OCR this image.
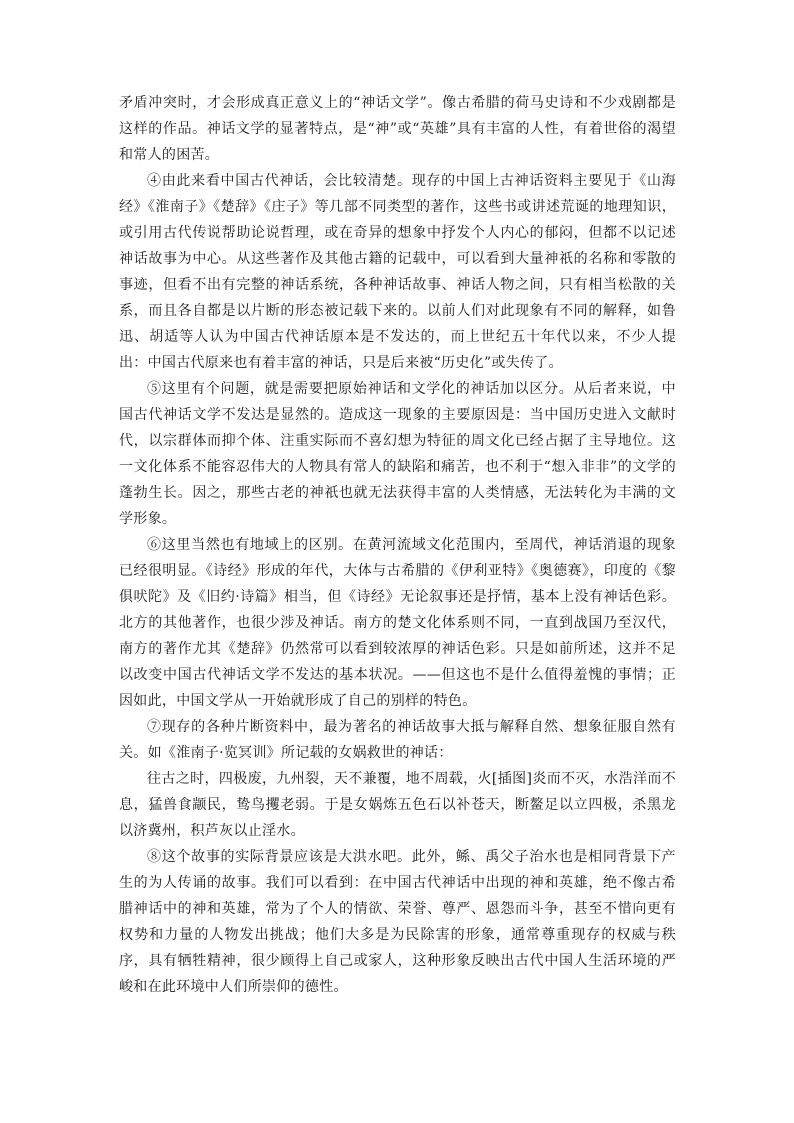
矛盾冲突时，才会形成真正意义上的“神话文学”。像古希腊的荷马史诗和不少戏剧都是这样的作品。神话文学的显著特点，是“神”或“英雄”具有丰富的人性，有着世俗的渴望和常人的困苦。

④由此来看中国古代神话，会比较清楚。现存的中国上古神话资料主要见于《山海经》《淮南子》《楚辞》《庄子》等几部不同类型的著作，这些书或讲述荒诞的地理知识，或引用古代传说帮助论说哲理，或在奇异的想象中抒发个人内心的郁闷，但都不以记述神话故事为中心。从这些著作及其他古籍的记载中，可以看到大量神祇的名称和零散的事迹，但看不出有完整的神话系统，各种神话故事、神话人物之间，只有相当松散的关系，而且各自都是以片断的形态被记载下来的。以前人们对此现象有不同的解释，如鲁迅、胡适等人认为中国古代神话原本是不发达的，而上世纪五十年代以来，不少人提出：中国古代原来也有着丰富的神话，只是后来被“历史化”或失传了。

⑤这里有个问题，就是需要把原始神话和文学化的神话加以区分。从后者来说，中国古代神话文学不发达是显然的。造成这一现象的主要原因是：当中国历史进入文献时代，以宗群体而抑个体、注重实际而不喜幻想为特征的周文化已经占据了主导地位。这一文化体系不能容忍伟大的人物具有常人的缺陷和痛苦，也不利于“想入非非”的文学的蓬勃生长。因之，那些古老的神祇也就无法获得丰富的人类情感，无法转化为丰满的文学形象。

⑥这里当然也有地域上的区别。在黄河流域文化范围内，至周代，神话消退的现象已经很明显。《诗经》形成的年代，大体与古希腊的《伊利亚特》《奥德赛》，印度的《黎俱吠陀》及《旧约·诗篇》相当，但《诗经》无论叙事还是抒情，基本上没有神话色彩。北方的其他著作，也很少涉及神话。南方的楚文化体系则不同，一直到战国乃至汉代，南方的著作尤其《楚辞》仍然常可以看到较浓厚的神话色彩。只是如前所述，这并不足以改变中国古代神话文学不发达的基本状况。——但这也不是什么值得羞愧的事情；正因如此，中国文学从一开始就形成了自己的别样的特色。

⑦现存的各种片断资料中，最为著名的神话故事大抵与解释自然、想象征服自然有关。如《淮南子·览冥训》所记载的女娲救世的神话：

往古之时，四极废，九州裂，天不兼覆，地不周载，火[插图]炎而不灭，水浩洋而不息，猛兽食颛民，鸷鸟攫老弱。于是女娲炼五色石以补苍天，断鳌足以立四极，杀黑龙以济冀州，积芦灰以止淫水。

⑧这个故事的实际背景应该是大洪水吧。此外，鲧、禹父子治水也是相同背景下产生的为人传诵的故事。我们可以看到：在中国古代神话中出现的神和英雄，绝不像古希腊神话中的神和英雄，常为了个人的情欲、荣誉、尊严、恩怨而斗争，甚至不惜向更有权势和力量的人物发出挑战；他们大多是为民除害的形象，通常尊重现存的权威与秩序，具有牺牲精神，很少顾得上自己或家人，这种形象反映出古代中国人生活环境的严峻和在此环境中人们所崇仰的德性。
